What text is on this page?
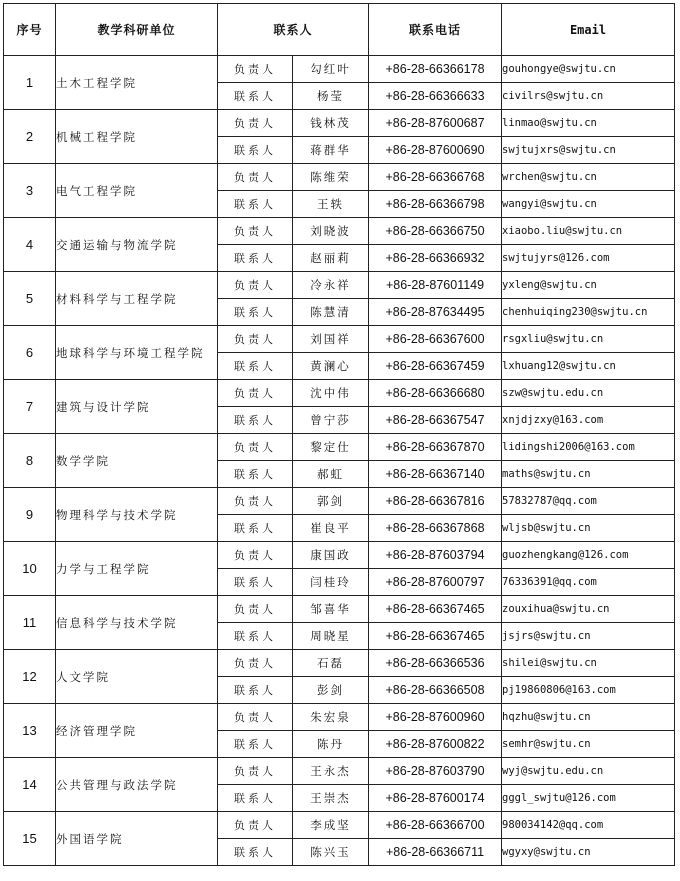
序号	教学科研单位	联系人		联系电话	Email
1	土木工程学院	负责人	勾红叶	+86-28-66366178	gouhongye@swjtu.cn
		联系人	杨莹	+86-28-66366633	civilrs@swjtu.cn
2	机械工程学院	负责人	钱林茂	+86-28-87600687	linmao@swjtu.cn
		联系人	蒋群华	+86-28-87600690	swjtujxrs@swjtu.cn
3	电气工程学院	负责人	陈维荣	+86-28-66366768	wrchen@swjtu.cn
		联系人	王轶	+86-28-66366798	wangyi@swjtu.cn
4	交通运输与物流学院	负责人	刘晓波	+86-28-66366750	xiaobo.liu@swjtu.cn
		联系人	赵丽莉	+86-28-66366932	swjtujyrs@126.com
5	材料科学与工程学院	负责人	冷永祥	+86-28-87601149	yxleng@swjtu.cn
		联系人	陈慧清	+86-28-87634495	chenhuiqing230@swjtu.cn
6	地球科学与环境工程学院	负责人	刘国祥	+86-28-66367600	rsgxliu@swjtu.cn
		联系人	黄澜心	+86-28-66367459	lxhuang12@swjtu.cn
7	建筑与设计学院	负责人	沈中伟	+86-28-66366680	szw@swjtu.edu.cn
		联系人	曾宁莎	+86-28-66367547	xnjdjzxy@163.com
8	数学学院	负责人	黎定仕	+86-28-66367870	lidingshi2006@163.com
		联系人	郝虹	+86-28-66367140	maths@swjtu.cn
9	物理科学与技术学院	负责人	郭剑	+86-28-66367816	57832787@qq.com
		联系人	崔良平	+86-28-66367868	wljsb@swjtu.cn
10	力学与工程学院	负责人	康国政	+86-28-87603794	guozhengkang@126.com
		联系人	闫桂玲	+86-28-87600797	76336391@qq.com
11	信息科学与技术学院	负责人	邹喜华	+86-28-66367465	zouxihua@swjtu.cn
		联系人	周晓星	+86-28-66367465	jsjrs@swjtu.cn
12	人文学院	负责人	石磊	+86-28-66366536	shilei@swjtu.cn
		联系人	彭剑	+86-28-66366508	pj19860806@163.com
13	经济管理学院	负责人	朱宏泉	+86-28-87600960	hqzhu@swjtu.cn
		联系人	陈丹	+86-28-87600822	semhr@swjtu.cn
14	公共管理与政法学院	负责人	王永杰	+86-28-87603790	wyj@swjtu.edu.cn
		联系人	王崇杰	+86-28-87600174	gggl_swjtu@126.com
15	外国语学院	负责人	李成坚	+86-28-66366700	980034142@qq.com
		联系人	陈兴玉	+86-28-66366711	wgyxy@swjtu.cn
